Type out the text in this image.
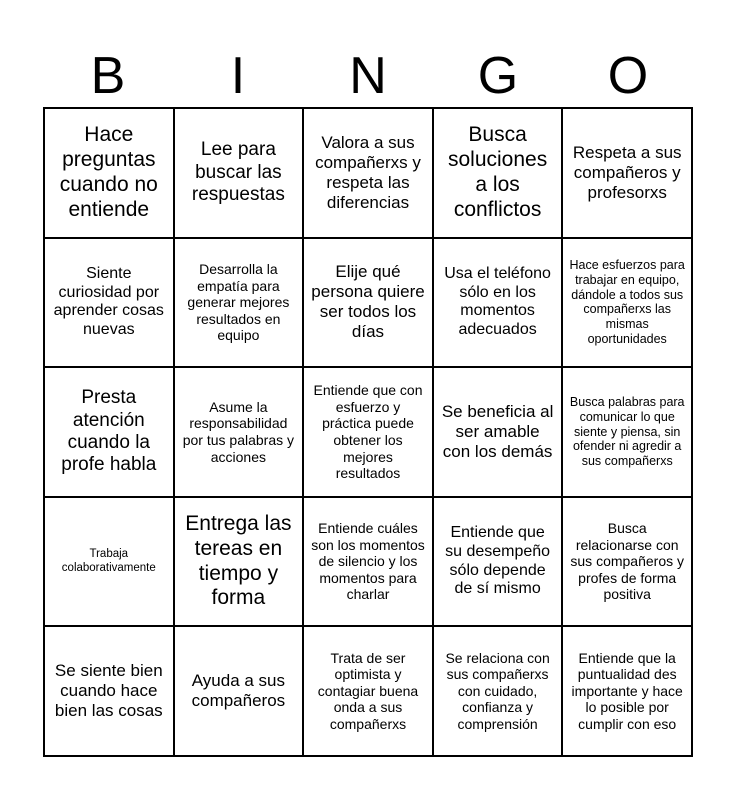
B	I	N	G	O
Hace preguntas cuando no entiende
Lee para buscar las respuestas
Valora a sus compañerxs y respeta las diferencias
Busca soluciones a los conflictos
Respeta a sus compañeros y profesorxs
Siente curiosidad por aprender cosas nuevas
Desarrolla la empatía para generar mejores resultados en equipo
Elije qué persona quiere ser todos los días
Usa el teléfono sólo en los momentos adecuados
Hace esfuerzos para trabajar en equipo, dándole a todos sus compañerxs las mismas oportunidades
Presta atención cuando la profe habla
Asume la responsabilidad por tus palabras y acciones
Entiende que con esfuerzo y práctica puede obtener los mejores resultados
Se beneficia al ser amable con los demás
Busca palabras para comunicar lo que siente y piensa, sin ofender ni agredir a sus compañerxs
Trabaja colaborativamente
Entrega las tereas en tiempo y forma
Entiende cuáles son los momentos de silencio y los momentos para charlar
Entiende que su desempeño sólo depende de sí mismo
Busca relacionarse con sus compañeros y profes de forma positiva
Se siente bien cuando hace bien las cosas
Ayuda a sus compañeros
Trata de ser optimista y contagiar buena onda a sus compañerxs
Se relaciona con sus compañerxs con cuidado, confianza y comprensión
Entiende que la puntualidad des importante y hace lo posible por cumplir con eso
